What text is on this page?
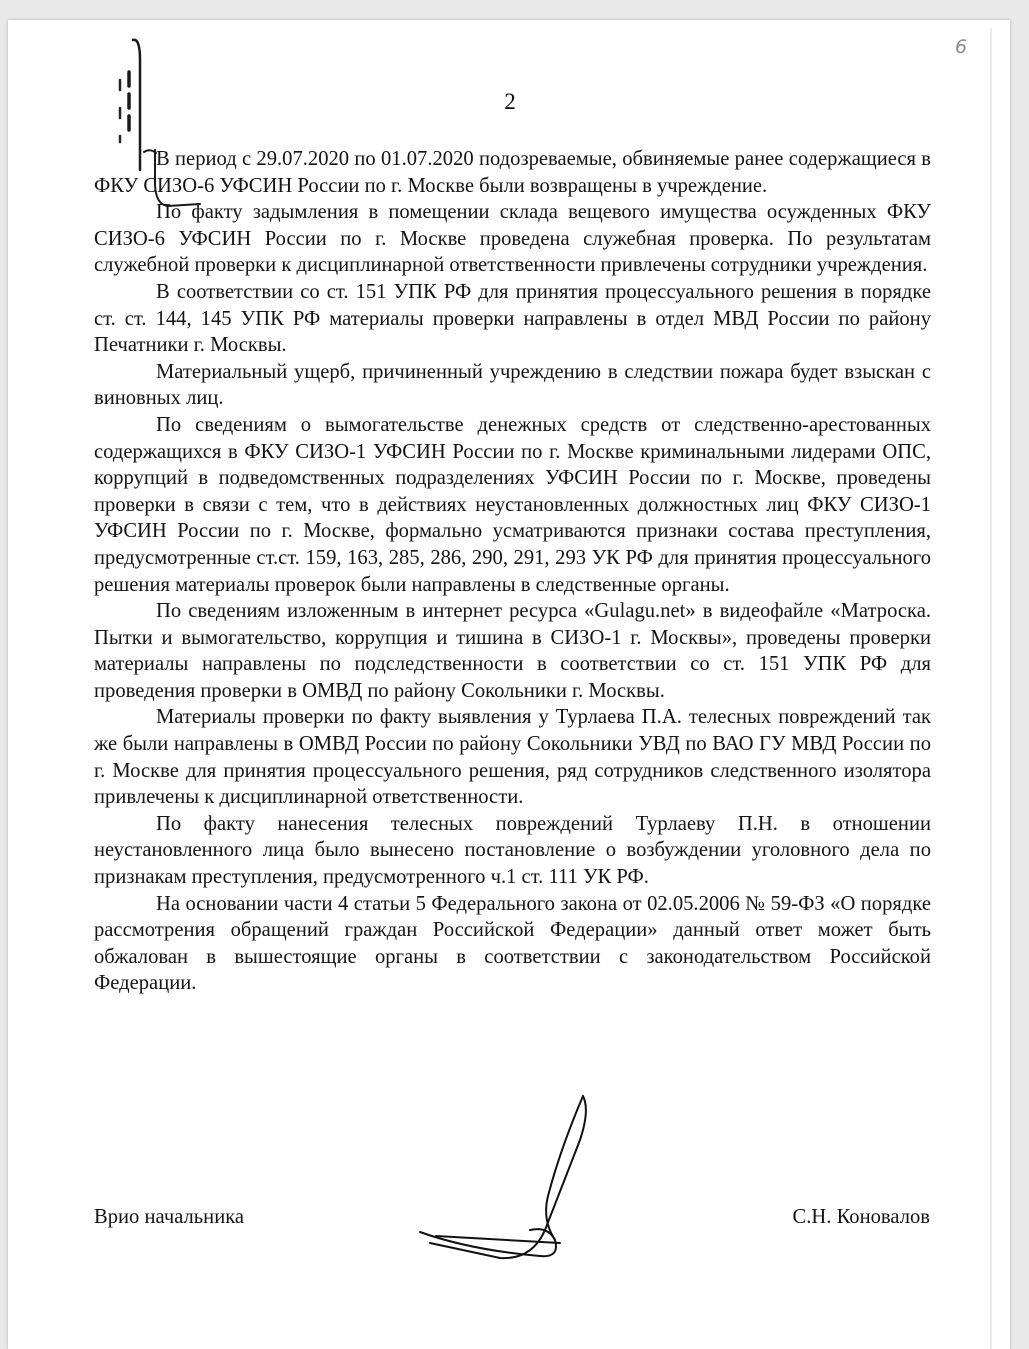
6
2

В период с 29.07.2020 по 01.07.2020 подозреваемые, обвиняемые ранее содержащиеся в ФКУ СИЗО-6 УФСИН России по г. Москве были возвращены в учреждение.

По факту задымления в помещении склада вещевого имущества осужденных ФКУ СИЗО-6 УФСИН России по г. Москве проведена служебная проверка. По результатам служебной проверки к дисциплинарной ответственности привлечены сотрудники учреждения.

В соответствии со ст. 151 УПК РФ для принятия процессуального решения в порядке ст. ст. 144, 145 УПК РФ материалы проверки направлены в отдел МВД России по району Печатники г. Москвы.

Материальный ущерб, причиненный учреждению в следствии пожара будет взыскан с виновных лиц.

По сведениям о вымогательстве денежных средств от следственно-арестованных содержащихся в ФКУ СИЗО-1 УФСИН России по г. Москве криминальными лидерами ОПС, коррупций в подведомственных подразделениях УФСИН России по г. Москве, проведены проверки в связи с тем, что в действиях неустановленных должностных лиц ФКУ СИЗО-1 УФСИН России по г. Москве, формально усматриваются признаки состава преступления, предусмотренные ст.ст. 159, 163, 285, 286, 290, 291, 293 УК РФ для принятия процессуального решения материалы проверок были направлены в следственные органы.

По сведениям изложенным в интернет ресурса «Gulagu.net» в видеофайле «Матроска. Пытки и вымогательство, коррупция и тишина в СИЗО-1 г. Москвы», проведены проверки материалы направлены по подследственности в соответствии со ст. 151 УПК РФ для проведения проверки в ОМВД по району Сокольники г. Москвы.

Материалы проверки по факту выявления у Турлаева П.А. телесных повреждений так же были направлены в ОМВД России по району Сокольники УВД по ВАО ГУ МВД России по г. Москве для принятия процессуального решения, ряд сотрудников следственного изолятора привлечены к дисциплинарной ответственности.

По факту нанесения телесных повреждений Турлаеву П.Н. в отношении неустановленного лица было вынесено постановление о возбуждении уголовного дела по признакам преступления, предусмотренного ч.1 ст. 111 УК РФ.

На основании части 4 статьи 5 Федерального закона от 02.05.2006 № 59-ФЗ «О порядке рассмотрения обращений граждан Российской Федерации» данный ответ может быть обжалован в вышестоящие органы в соответствии с законодательством Российской Федерации.

Врио начальника	С.Н. Коновалов
